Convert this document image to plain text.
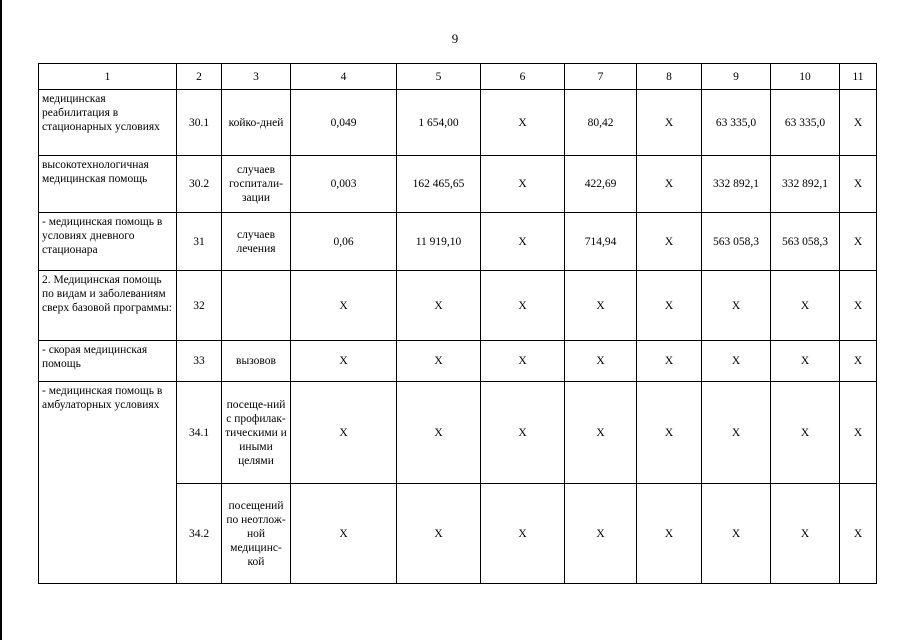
9
1	2	3	4	5	6	7	8	9	10	11
медицинская реабилитация в стационарных условиях	30.1	койко-дней	0,049	1 654,00	X	80,42	X	63 335,0	63 335,0	X
высокотехнологичная медицинская помощь	30.2	случаев госпитали-зации	0,003	162 465,65	X	422,69	X	332 892,1	332 892,1	X
- медицинская помощь в условиях дневного стационара	31	случаев лечения	0,06	11 919,10	X	714,94	X	563 058,3	563 058,3	X
2. Медицинская помощь по видам и заболеваниям сверх базовой программы:	32		X	X	X	X	X	X	X	X
- скорая медицинская помощь	33	вызовов	X	X	X	X	X	X	X	X
- медицинская помощь в амбулаторных условиях	34.1	посеще-ний с профилак-тическими и иными целями	X	X	X	X	X	X	X	X
	34.2	посещений по неотлож-ной медицинс-кой	X	X	X	X	X	X	X	X
